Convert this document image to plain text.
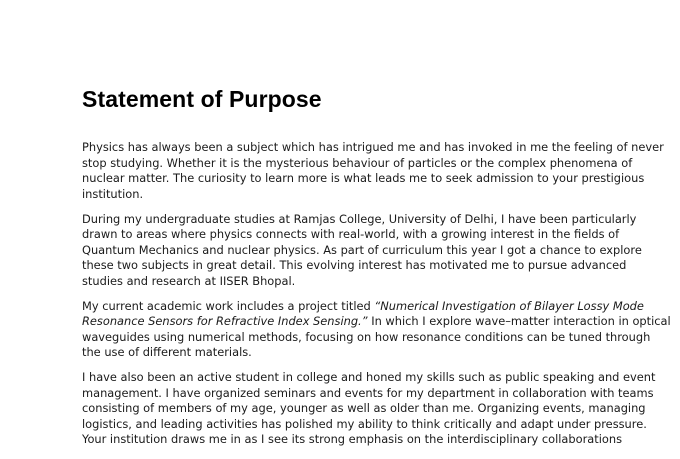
Statement of Purpose
Physics has always been a subject which has intrigued me and has invoked in me the feeling of never
stop studying. Whether it is the mysterious behaviour of particles or the complex phenomena of
nuclear matter. The curiosity to learn more is what leads me to seek admission to your prestigious
institution.
During my undergraduate studies at Ramjas College, University of Delhi, I have been particularly
drawn to areas where physics connects with real-world, with a growing interest in the fields of
Quantum Mechanics and nuclear physics. As part of curriculum this year I got a chance to explore
these two subjects in great detail. This evolving interest has motivated me to pursue advanced
studies and research at IISER Bhopal.
My current academic work includes a project titled “Numerical Investigation of Bilayer Lossy Mode
Resonance Sensors for Refractive Index Sensing.” In which I explore wave–matter interaction in optical
waveguides using numerical methods, focusing on how resonance conditions can be tuned through
the use of different materials.
I have also been an active student in college and honed my skills such as public speaking and event
management. I have organized seminars and events for my department in collaboration with teams
consisting of members of my age, younger as well as older than me. Organizing events, managing
logistics, and leading activities has polished my ability to think critically and adapt under pressure.
Your institution draws me in as I see its strong emphasis on the interdisciplinary collaborations
